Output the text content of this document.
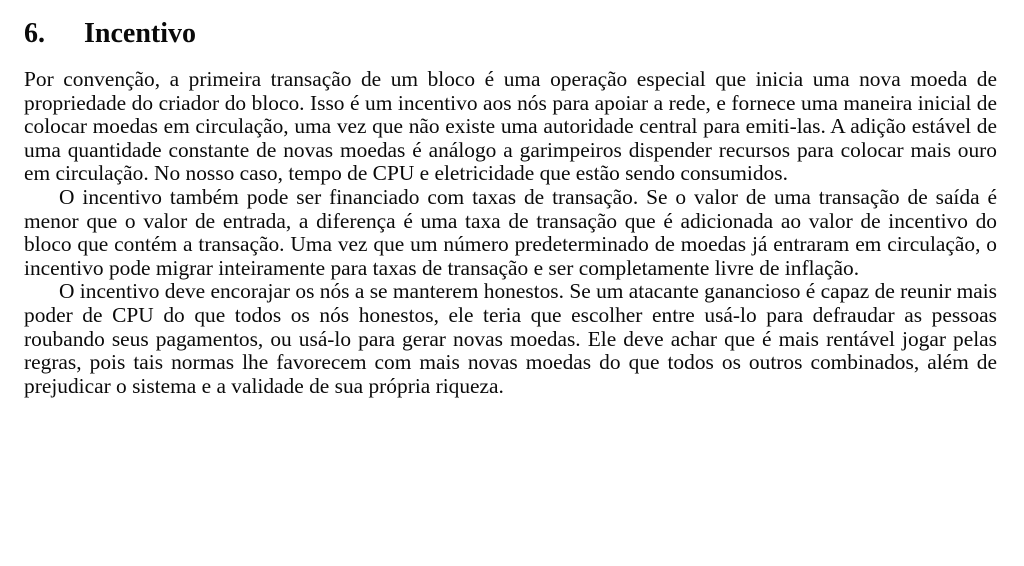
6.	Incentivo

Por convenção, a primeira transação de um bloco é uma operação especial que inicia uma nova moeda de propriedade do criador do bloco. Isso é um incentivo aos nós para apoiar a rede, e fornece uma maneira inicial de colocar moedas em circulação, uma vez que não existe uma autoridade central para emiti-las. A adição estável de uma quantidade constante de novas moedas é análogo a garimpeiros dispender recursos para colocar mais ouro em circulação. No nosso caso, tempo de CPU e eletricidade que estão sendo consumidos.

O incentivo também pode ser financiado com taxas de transação. Se o valor de uma transação de saída é menor que o valor de entrada, a diferença é uma taxa de transação que é adicionada ao valor de incentivo do bloco que contém a transação. Uma vez que um número predeterminado de moedas já entraram em circulação, o incentivo pode migrar inteiramente para taxas de transação e ser completamente livre de inflação.

O incentivo deve encorajar os nós a se manterem honestos. Se um atacante ganancioso é capaz de reunir mais poder de CPU do que todos os nós honestos, ele teria que escolher entre usá-lo para defraudar as pessoas roubando seus pagamentos, ou usá-lo para gerar novas moedas. Ele deve achar que é mais rentável jogar pelas regras, pois tais normas lhe favorecem com mais novas moedas do que todos os outros combinados, além de prejudicar o sistema e a validade de sua própria riqueza.
